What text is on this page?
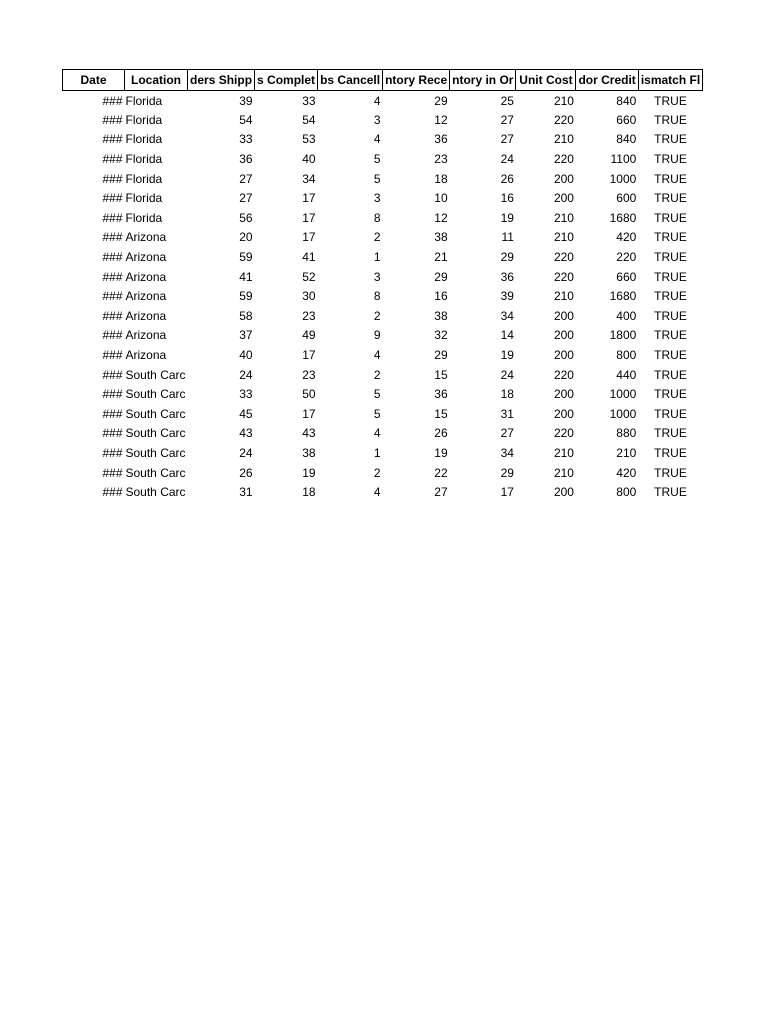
Date	Location	ders Shipp	s Complet	bs Cancell	ntory Rece	ntory in Or	Unit Cost	dor Credit	ismatch Fl
###	Florida	39	33	4	29	25	210	840	TRUE
###	Florida	54	54	3	12	27	220	660	TRUE
###	Florida	33	53	4	36	27	210	840	TRUE
###	Florida	36	40	5	23	24	220	1100	TRUE
###	Florida	27	34	5	18	26	200	1000	TRUE
###	Florida	27	17	3	10	16	200	600	TRUE
###	Florida	56	17	8	12	19	210	1680	TRUE
###	Arizona	20	17	2	38	11	210	420	TRUE
###	Arizona	59	41	1	21	29	220	220	TRUE
###	Arizona	41	52	3	29	36	220	660	TRUE
###	Arizona	59	30	8	16	39	210	1680	TRUE
###	Arizona	58	23	2	38	34	200	400	TRUE
###	Arizona	37	49	9	32	14	200	1800	TRUE
###	Arizona	40	17	4	29	19	200	800	TRUE
###	South Carc	24	23	2	15	24	220	440	TRUE
###	South Carc	33	50	5	36	18	200	1000	TRUE
###	South Carc	45	17	5	15	31	200	1000	TRUE
###	South Carc	43	43	4	26	27	220	880	TRUE
###	South Carc	24	38	1	19	34	210	210	TRUE
###	South Carc	26	19	2	22	29	210	420	TRUE
###	South Carc	31	18	4	27	17	200	800	TRUE
